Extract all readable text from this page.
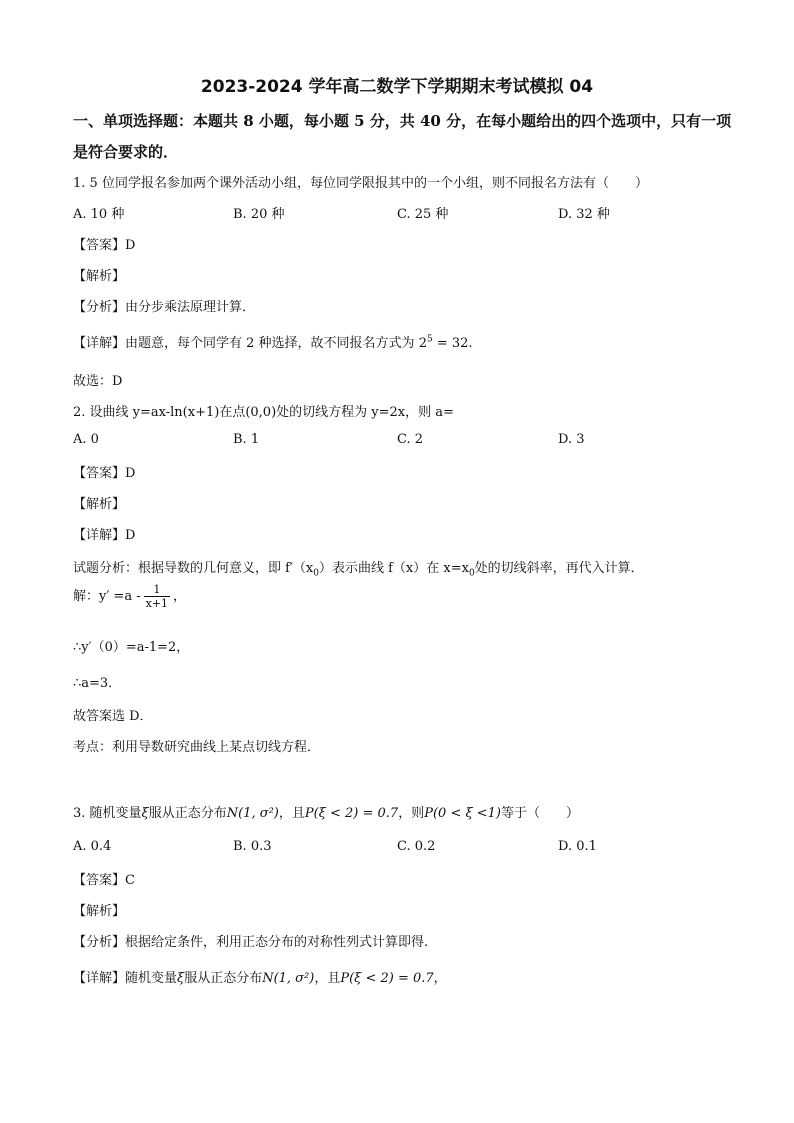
2023-2024 学年高二数学下学期期末考试模拟 04
一、单项选择题：本题共 8 小题，每小题 5 分，共 40 分，在每小题给出的四个选项中，只有一项是符合要求的．
1. 5 位同学报名参加两个课外活动小组，每位同学限报其中的一个小组，则不同报名方法有（　　）
A. 10 种	B. 20 种	C. 25 种	D. 32 种
【答案】D
【解析】
【分析】由分步乘法原理计算．
【详解】由题意，每个同学有 2 种选择，故不同报名方式为 $2^5 = 32$.
故选：D
2. 设曲线 y=ax-ln(x+1)在点(0,0)处的切线方程为 y=2x，则 a=
A. 0	B. 1	C. 2	D. 3
【答案】D
【解析】
【详解】D
试题分析：根据导数的几何意义，即 $f'(x_0)$表示曲线 f（x）在 $x=x_0$处的切线斜率，再代入计算．
解：$y' =a - \frac{1}{x+1}$ ，
∴y′（0）=a-1=2，
∴a=3．
故答案选 D．
考点：利用导数研究曲线上某点切线方程．
3. 随机变量ξ服从正态分布N(1, σ²)，且P(ξ < 2) = 0.7，则P(0 < ξ <1)等于（　　）
A. 0.4	B. 0.3	C. 0.2	D. 0.1
【答案】C
【解析】
【分析】根据给定条件，利用正态分布的对称性列式计算即得.
【详解】随机变量ξ服从正态分布N(1, σ²)，且P(ξ < 2) = 0.7，
